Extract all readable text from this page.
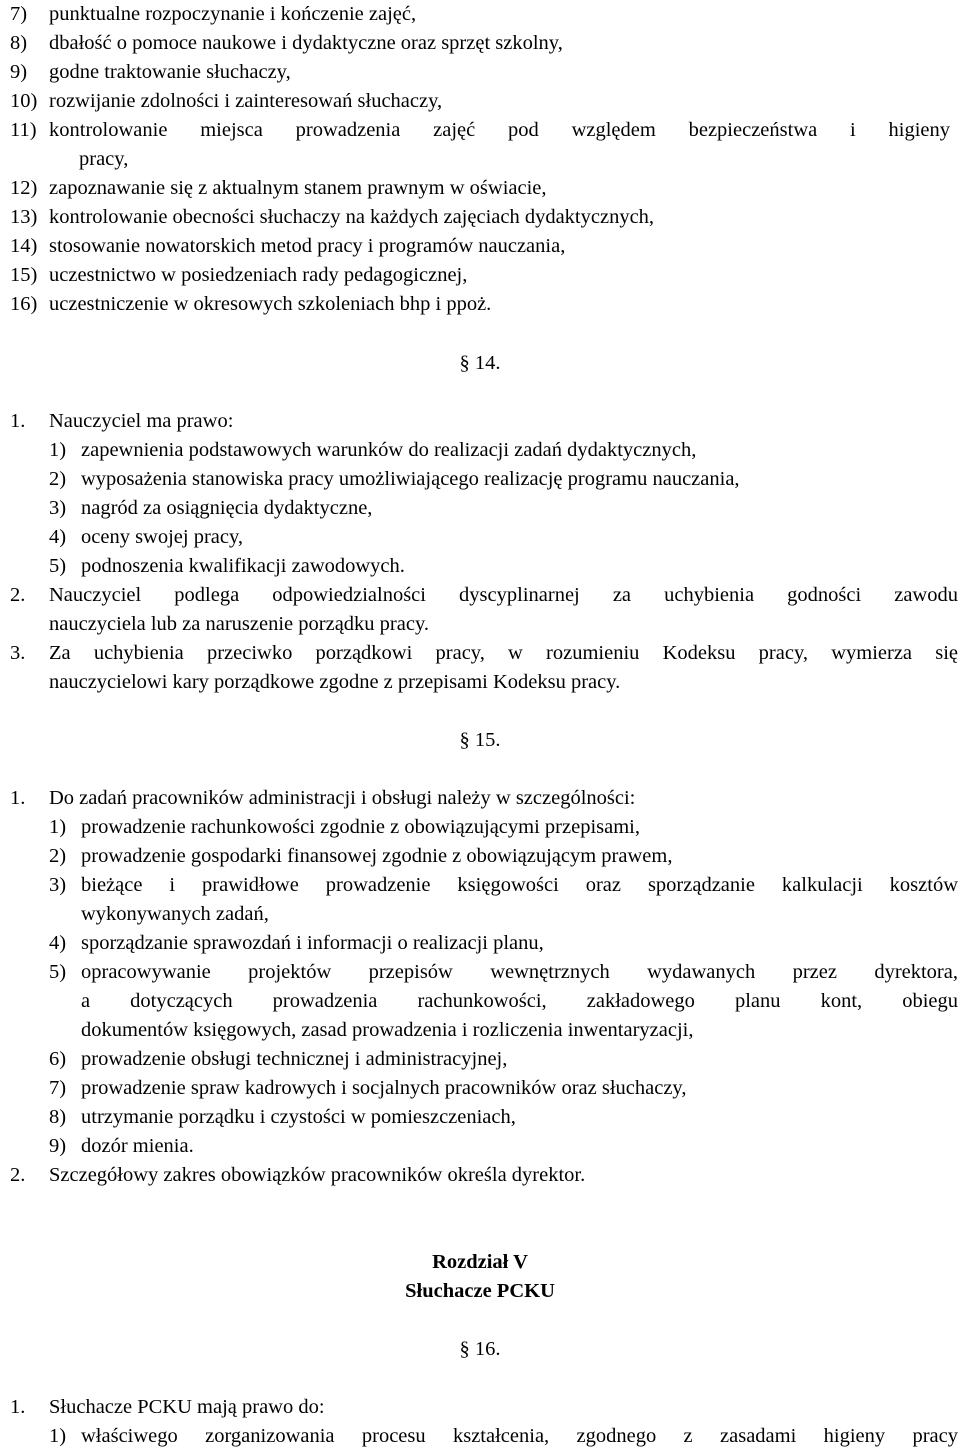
7) punktualne rozpoczynanie i kończenie zajęć,
8) dbałość o pomoce naukowe i dydaktyczne oraz sprzęt szkolny,
9) godne traktowanie słuchaczy,
10) rozwijanie zdolności i zainteresowań słuchaczy,
11) kontrolowanie miejsca prowadzenia zajęć pod względem bezpieczeństwa i higieny
pracy,
12) zapoznawanie się z aktualnym stanem prawnym w oświacie,
13) kontrolowanie obecności słuchaczy na każdych zajęciach dydaktycznych,
14) stosowanie nowatorskich metod pracy i programów nauczania,
15) uczestnictwo w posiedzeniach rady pedagogicznej,
16) uczestniczenie w okresowych szkoleniach bhp i ppoż.
§ 14.
1. Nauczyciel ma prawo:
1) zapewnienia podstawowych warunków do realizacji zadań dydaktycznych,
2) wyposażenia stanowiska pracy umożliwiającego realizację programu nauczania,
3) nagród za osiągnięcia dydaktyczne,
4) oceny swojej pracy,
5) podnoszenia kwalifikacji zawodowych.
2. Nauczyciel podlega odpowiedzialności dyscyplinarnej za uchybienia godności zawodu
nauczyciela lub za naruszenie porządku pracy.
3. Za uchybienia przeciwko porządkowi pracy, w rozumieniu Kodeksu pracy, wymierza się
nauczycielowi kary porządkowe zgodne z przepisami Kodeksu pracy.
§ 15.
1. Do zadań pracowników administracji i obsługi należy w szczególności:
1) prowadzenie rachunkowości zgodnie z obowiązującymi przepisami,
2) prowadzenie gospodarki finansowej zgodnie z obowiązującym prawem,
3) bieżące i prawidłowe prowadzenie księgowości oraz sporządzanie kalkulacji kosztów
wykonywanych zadań,
4) sporządzanie sprawozdań i informacji o realizacji planu,
5) opracowywanie projektów przepisów wewnętrznych wydawanych przez dyrektora,
a dotyczących prowadzenia rachunkowości, zakładowego planu kont, obiegu
dokumentów księgowych, zasad prowadzenia i rozliczenia inwentaryzacji,
6) prowadzenie obsługi technicznej i administracyjnej,
7) prowadzenie spraw kadrowych i socjalnych pracowników oraz słuchaczy,
8) utrzymanie porządku i czystości w pomieszczeniach,
9) dozór mienia.
2. Szczegółowy zakres obowiązków pracowników określa dyrektor.
Rozdział V
Słuchacze PCKU
§ 16.
1. Słuchacze PCKU mają prawo do:
1) właściwego zorganizowania procesu kształcenia, zgodnego z zasadami higieny pracy
